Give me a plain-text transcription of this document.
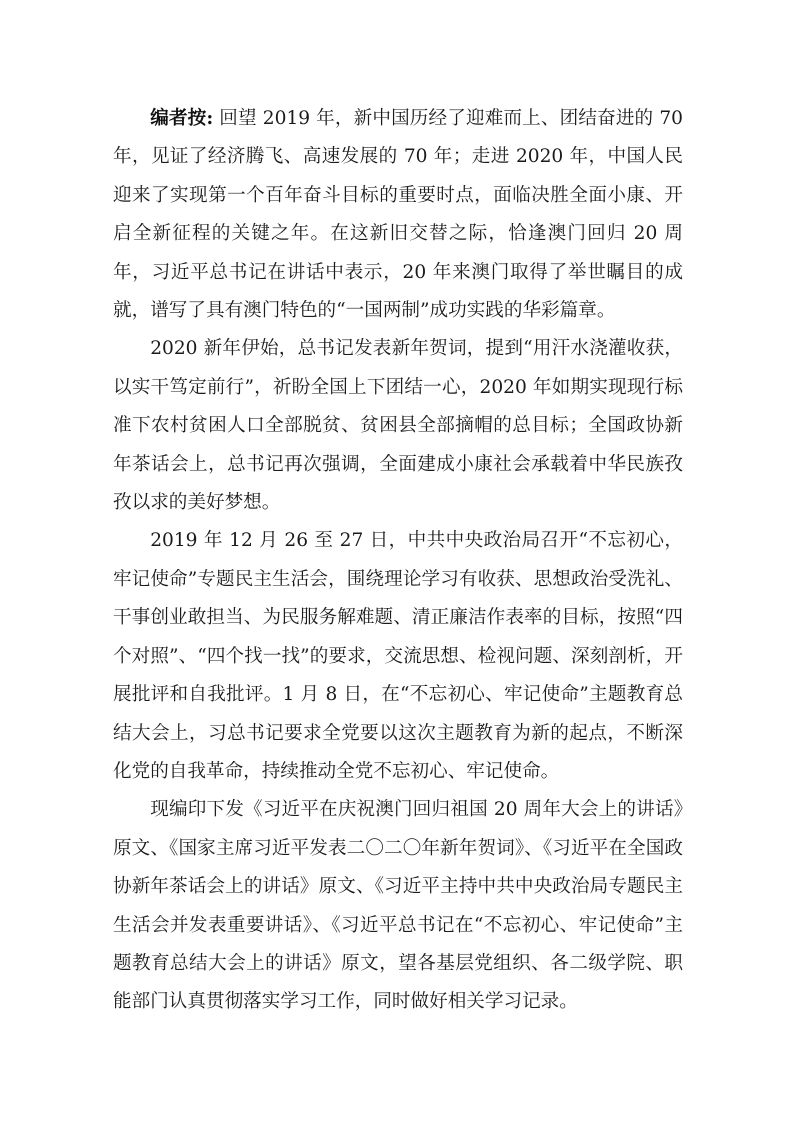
编者按: 回望 2019 年，新中国历经了迎难而上、团结奋进的 70 年，见证了经济腾飞、高速发展的 70 年；走进 2020 年，中国人民迎来了实现第一个百年奋斗目标的重要时点，面临决胜全面小康、开启全新征程的关键之年。在这新旧交替之际，恰逢澳门回归 20 周年，习近平总书记在讲话中表示，20 年来澳门取得了举世瞩目的成就，谱写了具有澳门特色的“一国两制”成功实践的华彩篇章。

2020 新年伊始，总书记发表新年贺词，提到“用汗水浇灌收获，以实干笃定前行”，祈盼全国上下团结一心，2020 年如期实现现行标准下农村贫困人口全部脱贫、贫困县全部摘帽的总目标；全国政协新年茶话会上，总书记再次强调，全面建成小康社会承载着中华民族孜孜以求的美好梦想。

2019 年 12 月 26 至 27 日，中共中央政治局召开“不忘初心，牢记使命”专题民主生活会，围绕理论学习有收获、思想政治受洗礼、干事创业敢担当、为民服务解难题、清正廉洁作表率的目标，按照“四个对照”、“四个找一找”的要求，交流思想、检视问题、深刻剖析，开展批评和自我批评。1 月 8 日，在“不忘初心、牢记使命”主题教育总结大会上，习总书记要求全党要以这次主题教育为新的起点，不断深化党的自我革命，持续推动全党不忘初心、牢记使命。

现编印下发《习近平在庆祝澳门回归祖国 20 周年大会上的讲话》原文、《国家主席习近平发表二〇二〇年新年贺词》、《习近平在全国政协新年茶话会上的讲话》原文、《习近平主持中共中央政治局专题民主生活会并发表重要讲话》、《习近平总书记在“不忘初心、牢记使命”主题教育总结大会上的讲话》原文，望各基层党组织、各二级学院、职能部门认真贯彻落实学习工作，同时做好相关学习记录。
